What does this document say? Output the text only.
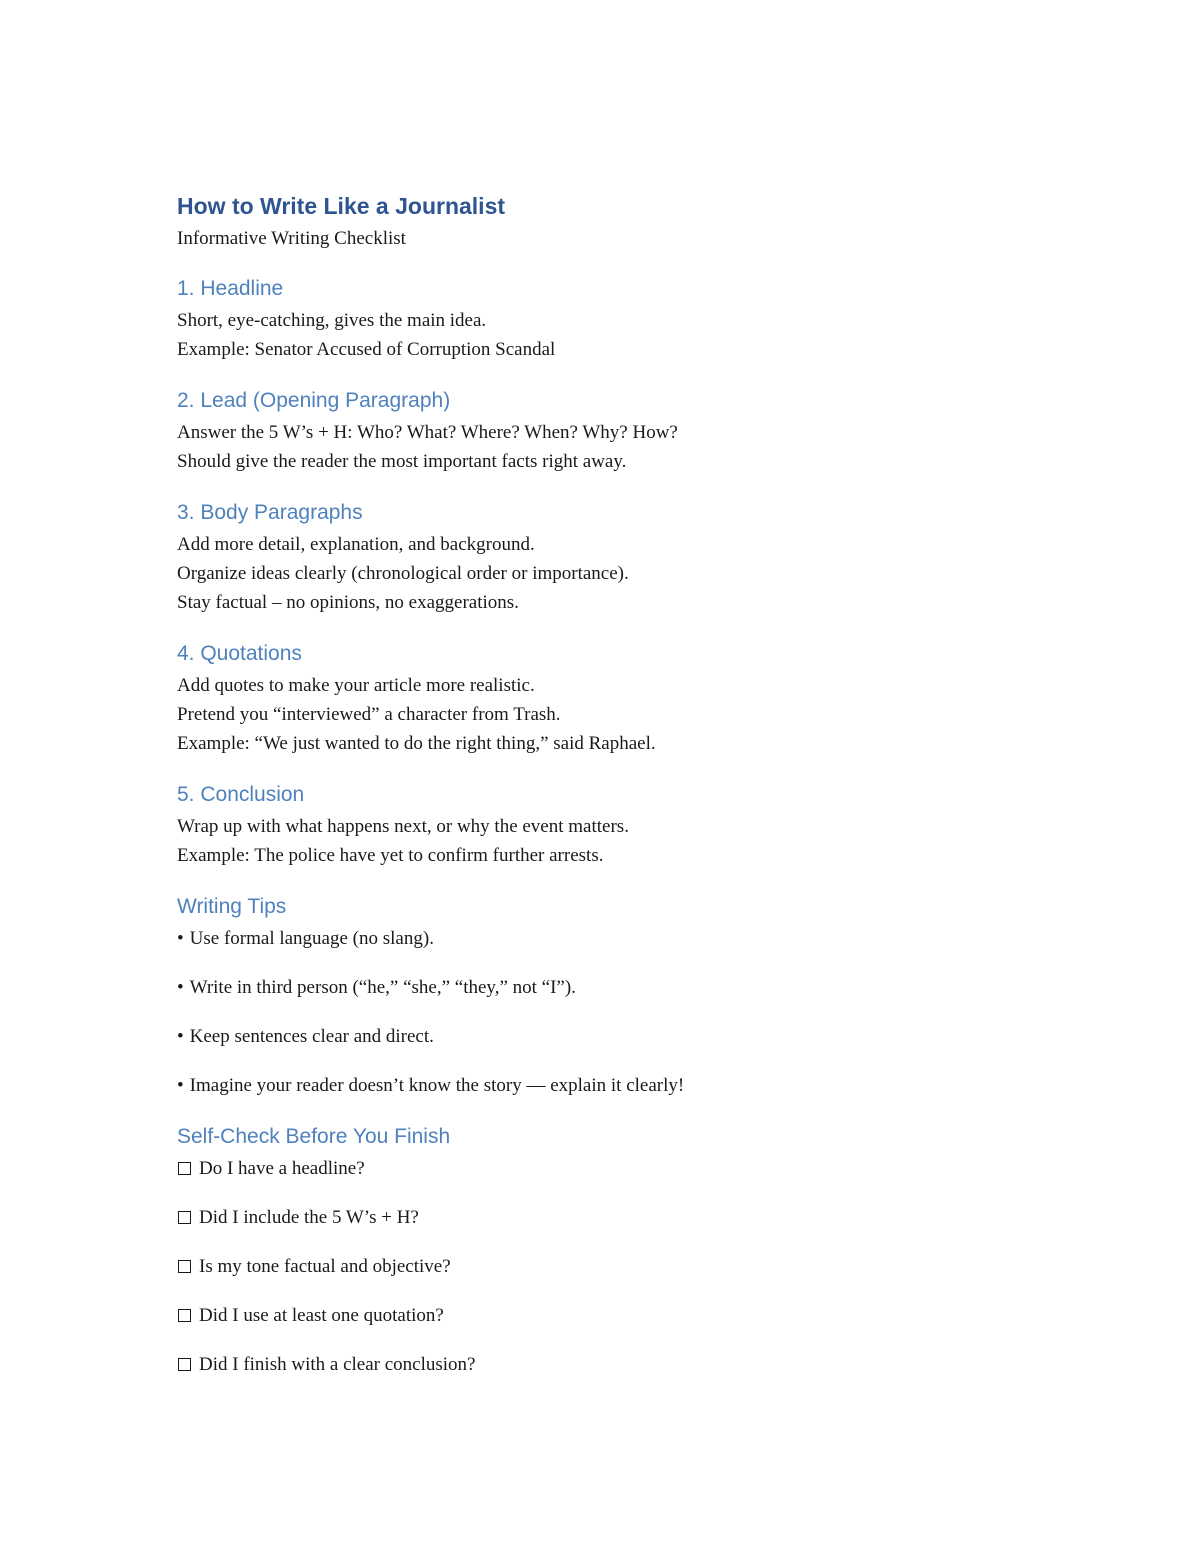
How to Write Like a Journalist

Informative Writing Checklist

1. Headline

Short, eye-catching, gives the main idea.

Example: Senator Accused of Corruption Scandal

2. Lead (Opening Paragraph)

Answer the 5 W’s + H: Who? What? Where? When? Why? How?

Should give the reader the most important facts right away.

3. Body Paragraphs

Add more detail, explanation, and background.

Organize ideas clearly (chronological order or importance).

Stay factual – no opinions, no exaggerations.

4. Quotations

Add quotes to make your article more realistic.

Pretend you “interviewed” a character from Trash.

Example: “We just wanted to do the right thing,” said Raphael.

5. Conclusion

Wrap up with what happens next, or why the event matters.

Example: The police have yet to confirm further arrests.

Writing Tips

• Use formal language (no slang).

• Write in third person (“he,” “she,” “they,” not “I”).

• Keep sentences clear and direct.

• Imagine your reader doesn’t know the story — explain it clearly!

Self-Check Before You Finish
Do I have a headline?
Did I include the 5 W’s + H?
Is my tone factual and objective?
Did I use at least one quotation?
Did I finish with a clear conclusion?
